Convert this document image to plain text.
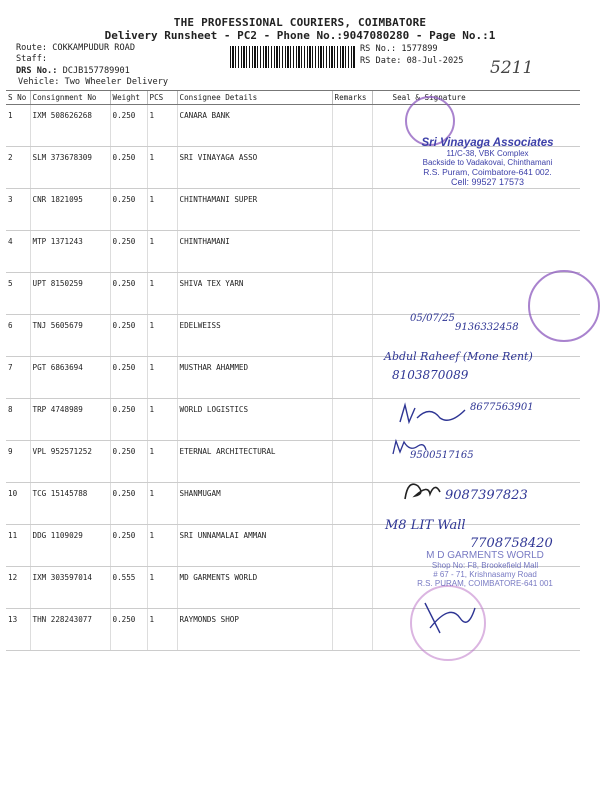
THE PROFESSIONAL COURIERS, COIMBATORE
Delivery Runsheet - PC2 - Phone No.:9047080280 - Page No.:1
Route: COKKAMPUDUR ROAD
Staff:
DRS No.: DCJB157789901
Vehicle: Two Wheeler Delivery
RS No.: 1577899
RS Date: 08-Jul-2025 5211
S No	Consignment No	Weight	PCS	Consignee Details	Remarks	Seal & Signature
1	IXM 508626268	0.250	1	CANARA BANK		
2	SLM 373678309	0.250	1	SRI VINAYAGA ASSO		
3	CNR 1821095	0.250	1	CHINTHAMANI SUPER		
4	MTP 1371243	0.250	1	CHINTHAMANI		
5	UPT 8150259	0.250	1	SHIVA TEX YARN		
6	TNJ 5605679	0.250	1	EDELWEISS		
7	PGT 6863694	0.250	1	MUSTHAR AHAMMED		
8	TRP 4748989	0.250	1	WORLD LOGISTICS		
9	VPL 952571252	0.250	1	ETERNAL ARCHITECTURAL		
10	TCG 15145788	0.250	1	SHANMUGAM		
11	DDG 1109029	0.250	1	SRI UNNAMALAI AMMAN		
12	IXM 303597014	0.555	1	MD GARMENTS WORLD		
13	THN 228243077	0.250	1	RAYMONDS SHOP		
Sri Vinayaga Associates
11/C-38, VBK Complex
Backside to Vadakovai, Chinthamani
R.S. Puram, Coimbatore-641 002.
Cell: 99527 17573
05/07/25
9136332458
Abdul Raheef (Mone Rent)
8103870089
8677563901
9500517165
9087397823
M8 LIT Wall
7708758420
M D GARMENTS WORLD
Shop No: F8, Brookefield Mall
# 67 - 71, Krishnasamy Road
R.S. PURAM, COIMBATORE-641 001
